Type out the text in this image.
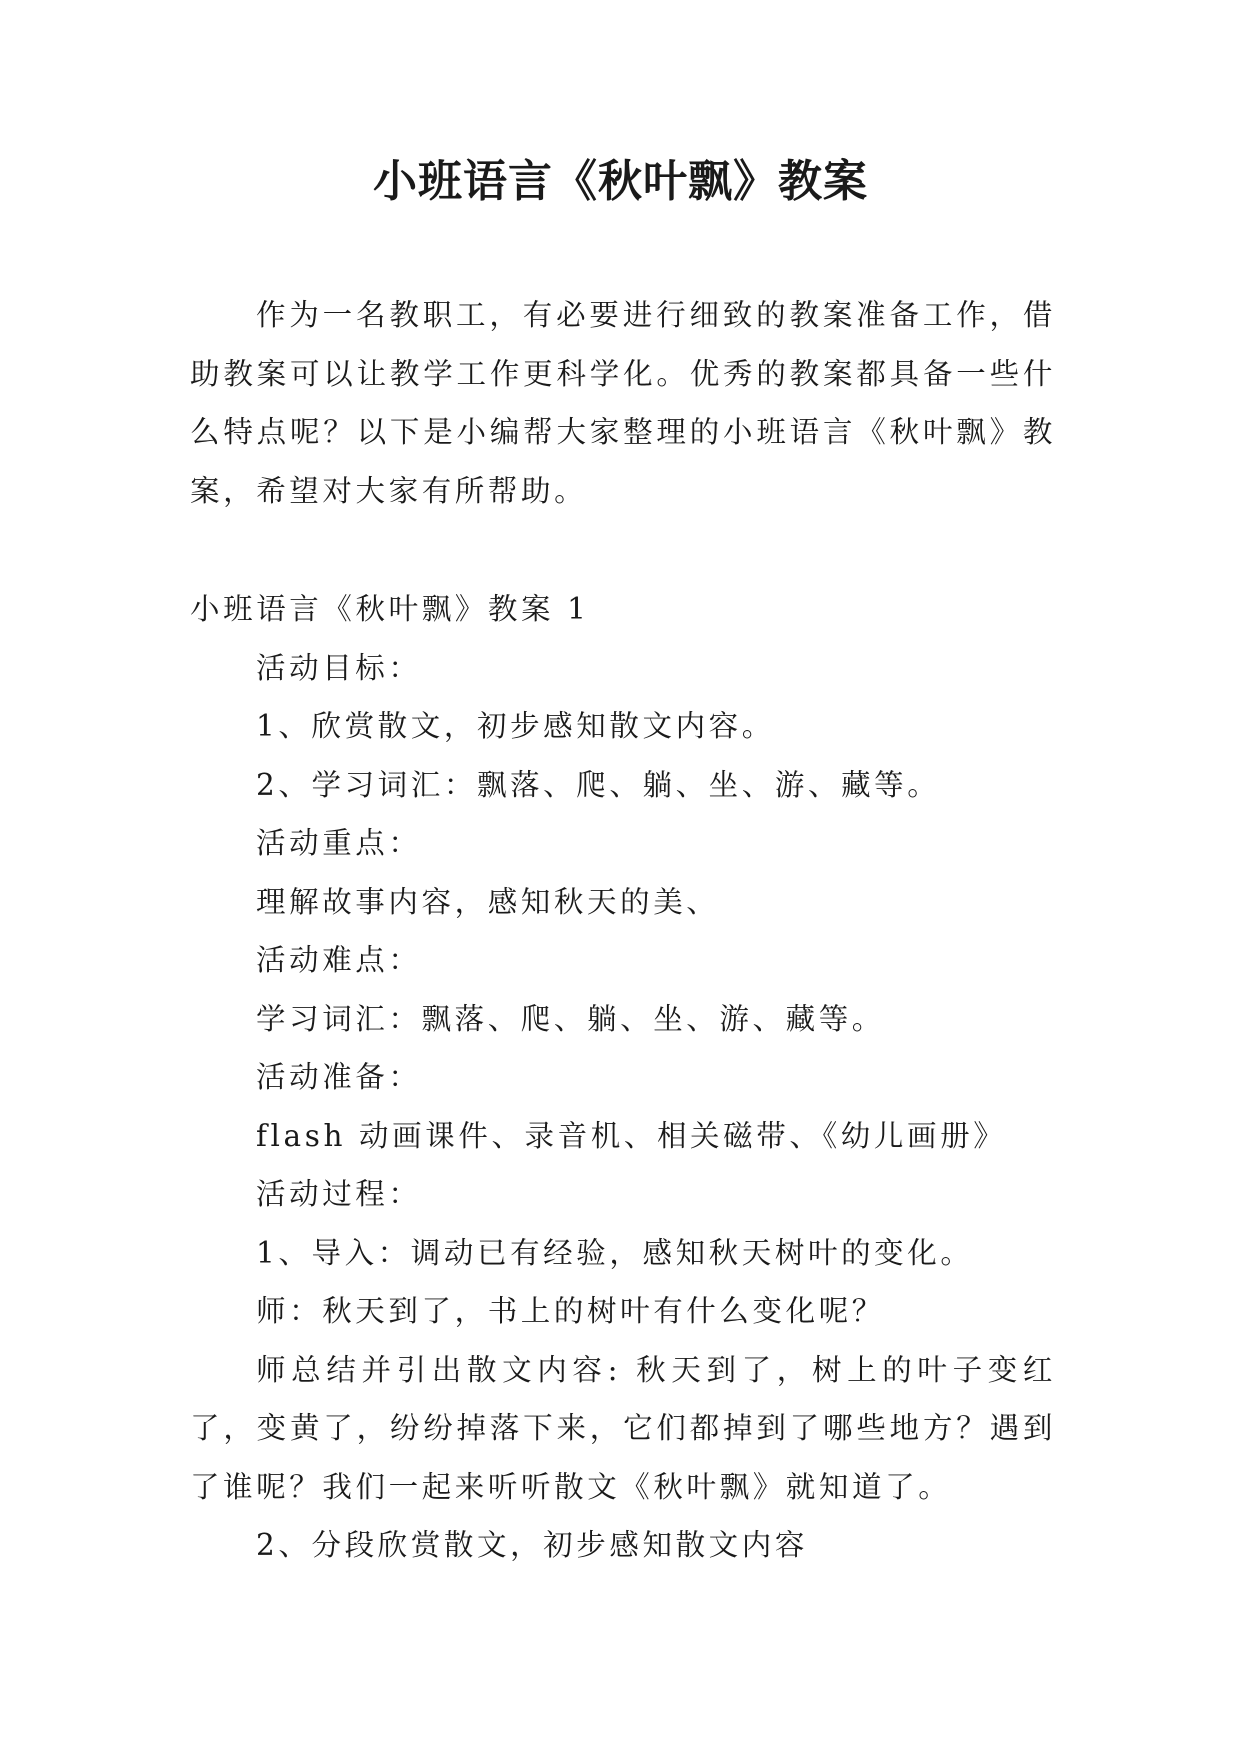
小班语言《秋叶飘》教案

作为一名教职工，有必要进行细致的教案准备工作，借助教案可以让教学工作更科学化。优秀的教案都具备一些什么特点呢？以下是小编帮大家整理的小班语言《秋叶飘》教案，希望对大家有所帮助。

小班语言《秋叶飘》教案 1

活动目标：

1、欣赏散文，初步感知散文内容。

2、学习词汇：飘落、爬、躺、坐、游、藏等。

活动重点：

理解故事内容，感知秋天的美、

活动难点：

学习词汇：飘落、爬、躺、坐、游、藏等。

活动准备：

flash 动画课件、录音机、相关磁带、《幼儿画册》

活动过程：

1、导入：调动已有经验，感知秋天树叶的变化。

师：秋天到了，书上的树叶有什么变化呢？

师总结并引出散文内容: 秋天到了，树上的叶子变红了，变黄了，纷纷掉落下来，它们都掉到了哪些地方？遇到了谁呢？我们一起来听听散文《秋叶飘》就知道了。

2、分段欣赏散文，初步感知散文内容
